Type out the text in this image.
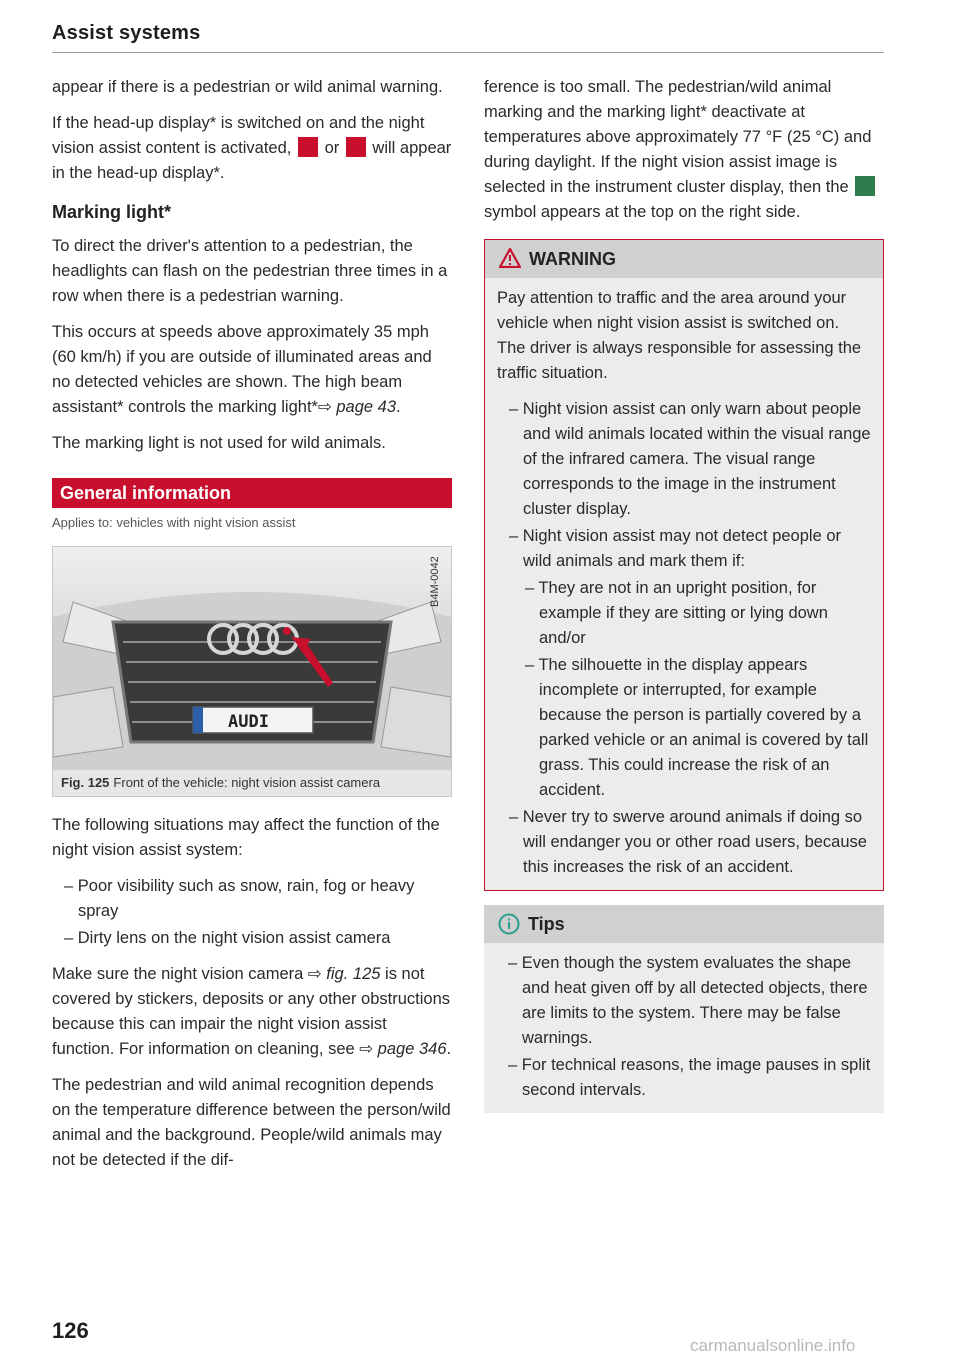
Assist systems

appear if there is a pedestrian or wild animal warning.

If the head-up display* is switched on and the night vision assist content is activated, or will appear in the head-up display*.

Marking light*

To direct the driver's attention to a pedestrian, the headlights can flash on the pedestrian three times in a row when there is a pedestrian warning.

This occurs at speeds above approximately 35 mph (60 km/h) if you are outside of illuminated areas and no detected vehicles are shown. The high beam assistant* controls the marking light*⇨ page 43.

The marking light is not used for wild animals.

General information
Applies to: vehicles with night vision assist
AUDI
B4M-0042
Fig. 125 Front of the vehicle: night vision assist camera

The following situations may affect the function of the night vision assist system:

– Poor visibility such as snow, rain, fog or heavy spray
– Dirty lens on the night vision assist camera

Make sure the night vision camera ⇨ fig. 125 is not covered by stickers, deposits or any other obstructions because this can impair the night vision assist function. For information on cleaning, see ⇨ page 346.

The pedestrian and wild animal recognition depends on the temperature difference between the person/wild animal and the background. People/wild animals may not be detected if the dif-

ference is too small. The pedestrian/wild animal marking and the marking light* deactivate at temperatures above approximately 77 °F (25 °C) and during daylight. If the night vision assist image is selected in the instrument cluster display, then the  symbol appears at the top on the right side.

WARNING

Pay attention to traffic and the area around your vehicle when night vision assist is switched on. The driver is always responsible for assessing the traffic situation.

– Night vision assist can only warn about people and wild animals located within the visual range of the infrared camera. The visual range corresponds to the image in the instrument cluster display.
– Night vision assist may not detect people or wild animals and mark them if:
– They are not in an upright position, for example if they are sitting or lying down and/or
– The silhouette in the display appears incomplete or interrupted, for example because the person is partially covered by a parked vehicle or an animal is covered by tall grass. This could increase the risk of an accident.
– Never try to swerve around animals if doing so will endanger you or other road users, because this increases the risk of an accident.
Tips
– Even though the system evaluates the shape and heat given off by all detected objects, there are limits to the system. There may be false warnings.
– For technical reasons, the image pauses in split second intervals.
126
carmanualsonline.info
